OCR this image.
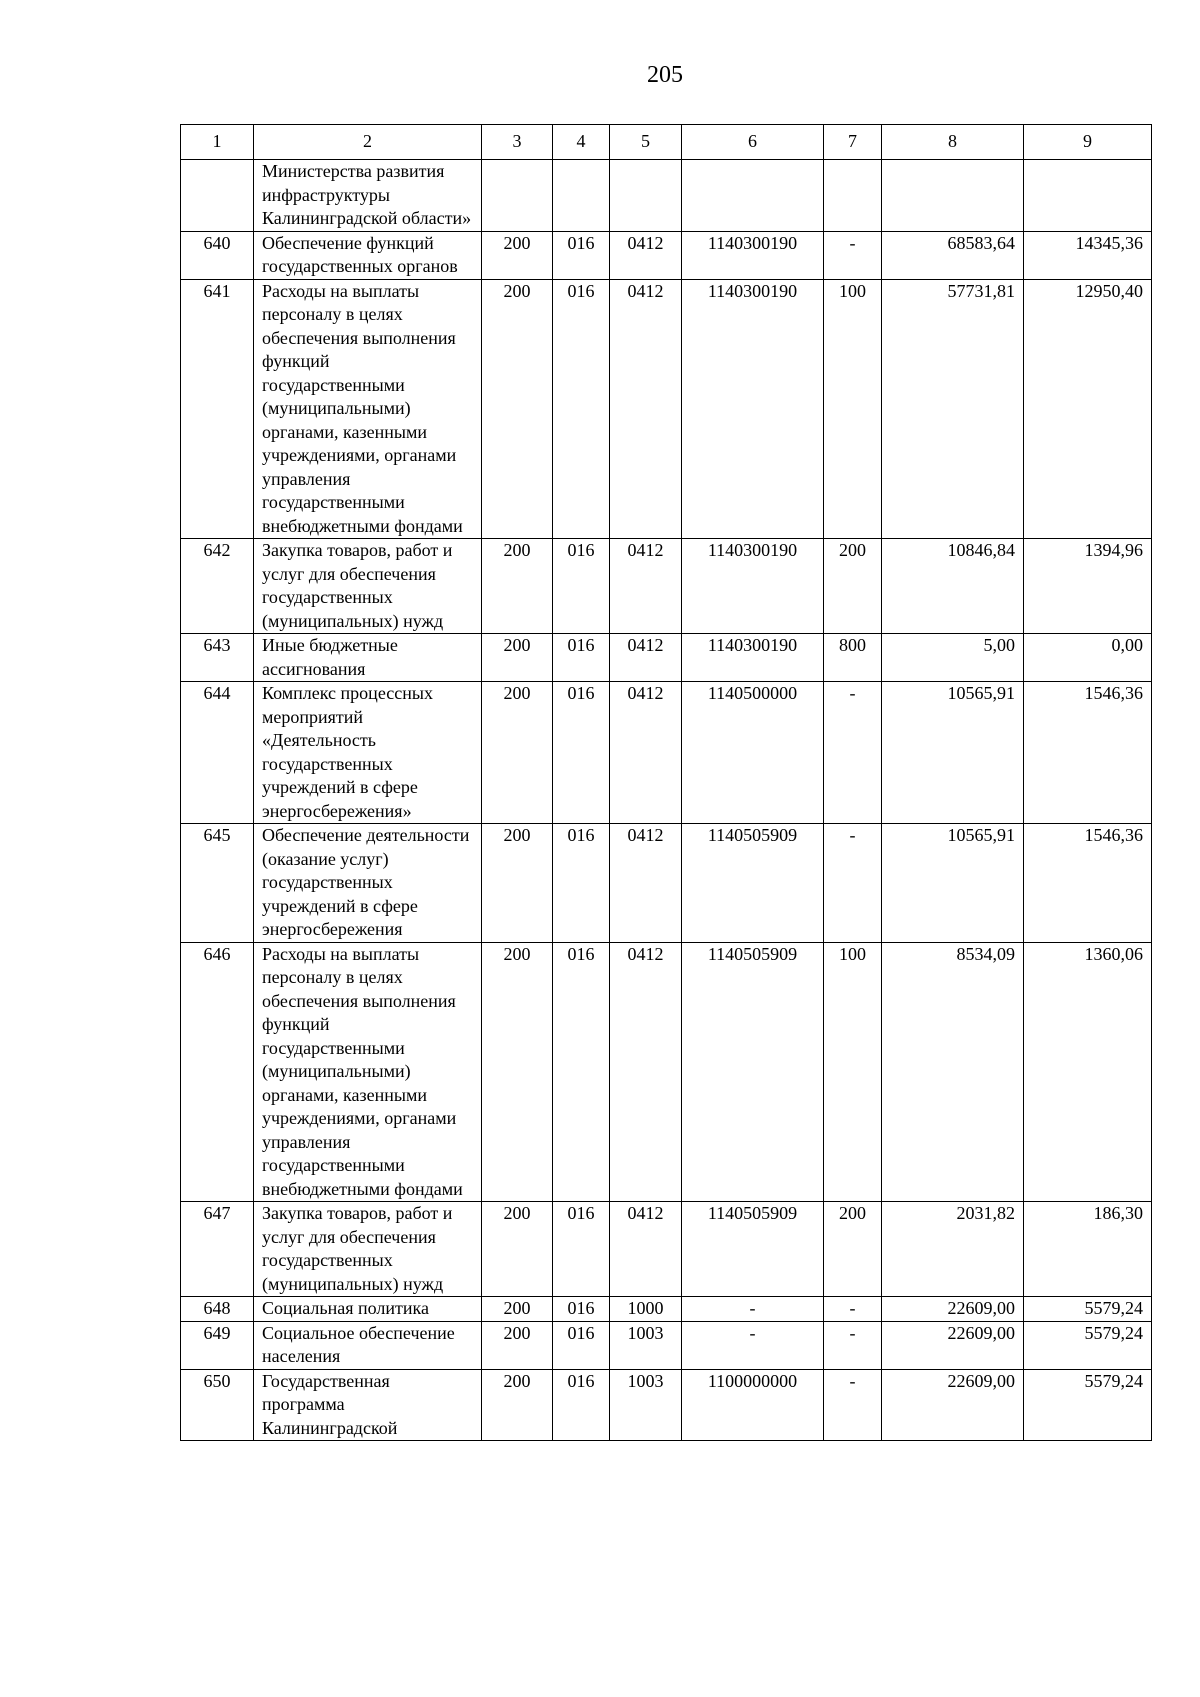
205
1	2	3	4	5	6	7	8	9
	Министерства развития инфраструктуры Калининградской области»							
640	Обеспечение функций государственных органов	200	016	0412	1140300190	-	68583,64	14345,36
641	Расходы на выплаты персоналу в целях обеспечения выполнения функций государственными (муниципальными) органами, казенными учреждениями, органами управления государственными внебюджетными фондами	200	016	0412	1140300190	100	57731,81	12950,40
642	Закупка товаров, работ и услуг для обеспечения государственных (муниципальных) нужд	200	016	0412	1140300190	200	10846,84	1394,96
643	Иные бюджетные ассигнования	200	016	0412	1140300190	800	5,00	0,00
644	Комплекс процессных мероприятий «Деятельность государственных учреждений в сфере энергосбережения»	200	016	0412	1140500000	-	10565,91	1546,36
645	Обеспечение деятельности (оказание услуг) государственных учреждений в сфере энергосбережения	200	016	0412	1140505909	-	10565,91	1546,36
646	Расходы на выплаты персоналу в целях обеспечения выполнения функций государственными (муниципальными) органами, казенными учреждениями, органами управления государственными внебюджетными фондами	200	016	0412	1140505909	100	8534,09	1360,06
647	Закупка товаров, работ и услуг для обеспечения государственных (муниципальных) нужд	200	016	0412	1140505909	200	2031,82	186,30
648	Социальная политика	200	016	1000	-	-	22609,00	5579,24
649	Социальное обеспечение населения	200	016	1003	-	-	22609,00	5579,24
650	Государственная программа Калининградской	200	016	1003	1100000000	-	22609,00	5579,24
